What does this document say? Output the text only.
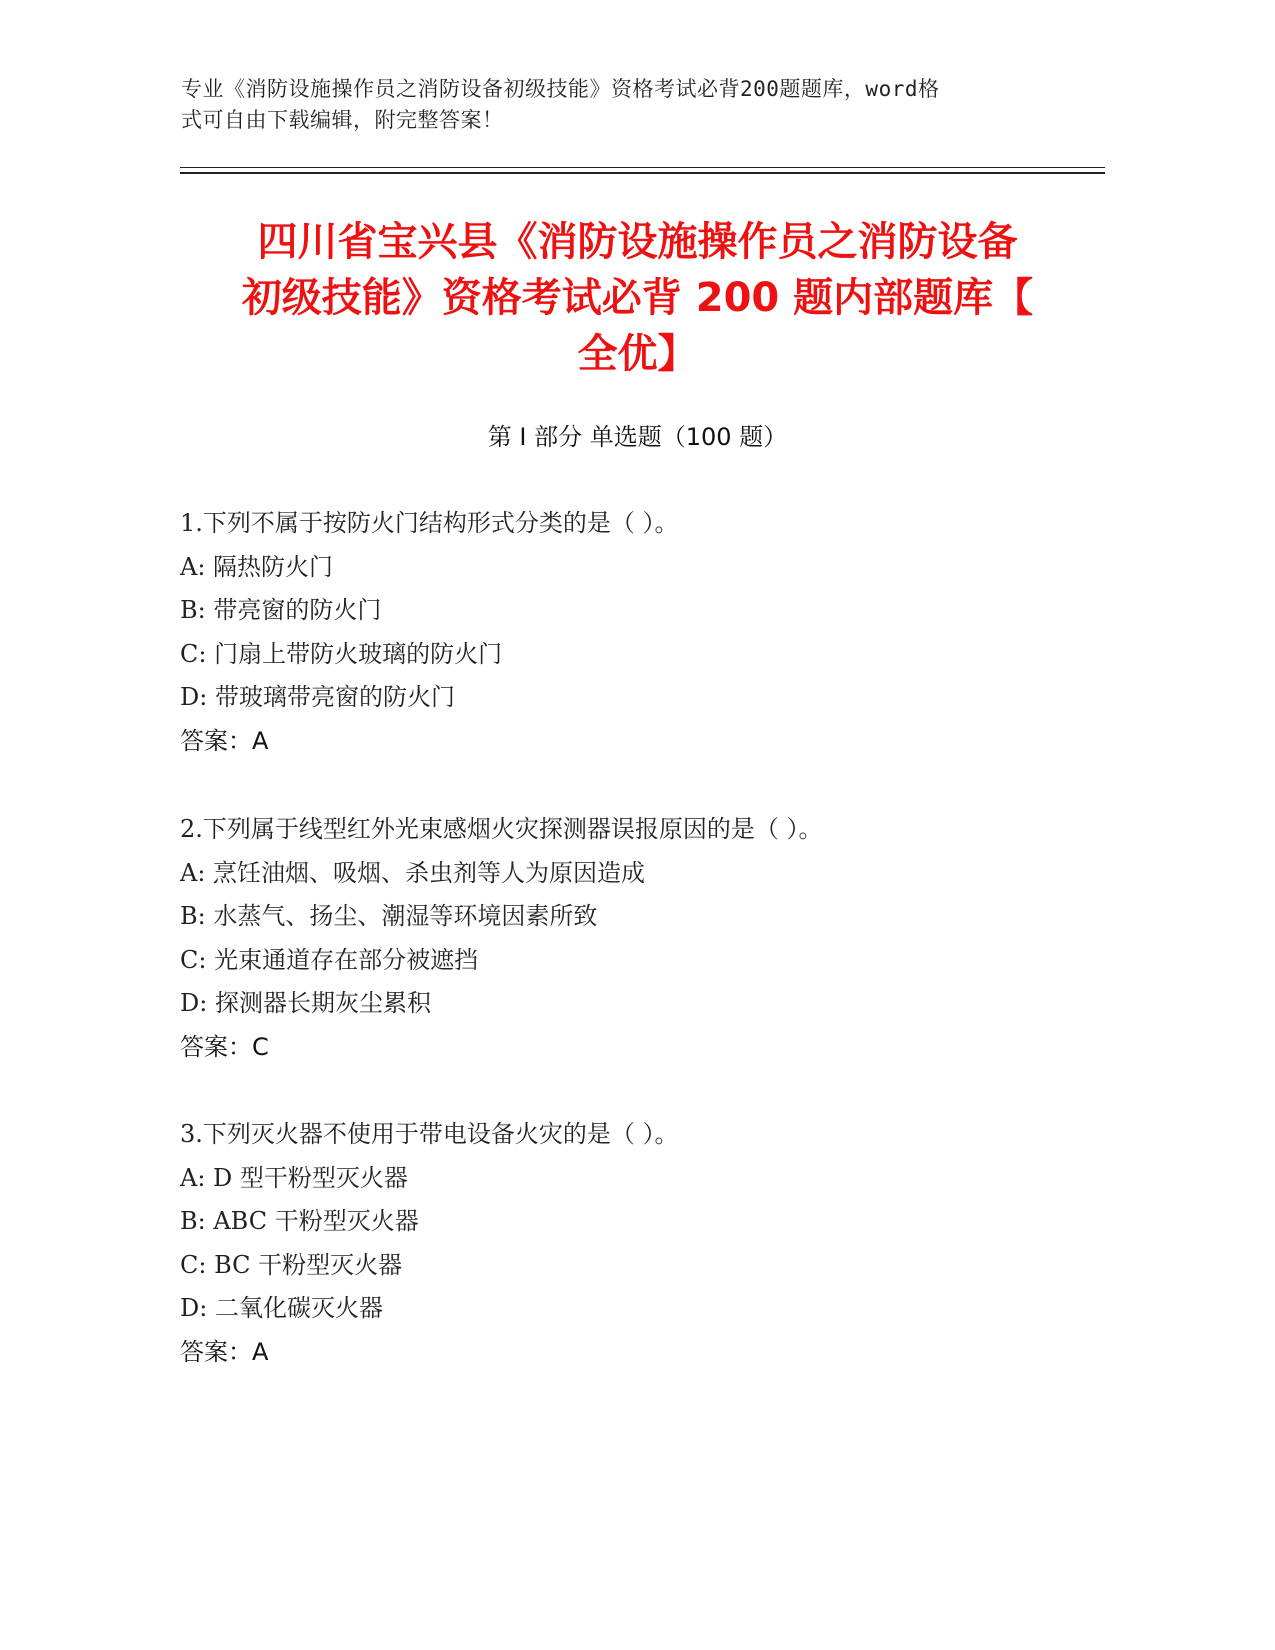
专业《消防设施操作员之消防设备初级技能》资格考试必背200题题库，word格
式可自由下载编辑，附完整答案！
四川省宝兴县《消防设施操作员之消防设备
初级技能》资格考试必背 200 题内部题库【
全优】
第 I 部分 单选题（100 题）
1.下列不属于按防火门结构形式分类的是（ ）。
A: 隔热防火门
B: 带亮窗的防火门
C: 门扇上带防火玻璃的防火门
D: 带玻璃带亮窗的防火门
答案：A
2.下列属于线型红外光束感烟火灾探测器误报原因的是（ ）。
A: 烹饪油烟、吸烟、杀虫剂等人为原因造成
B: 水蒸气、扬尘、潮湿等环境因素所致
C: 光束通道存在部分被遮挡
D: 探测器长期灰尘累积
答案：C
3.下列灭火器不使用于带电设备火灾的是（ ）。
A: D 型干粉型灭火器
B: ABC 干粉型灭火器
C: BC 干粉型灭火器
D: 二氧化碳灭火器
答案：A
